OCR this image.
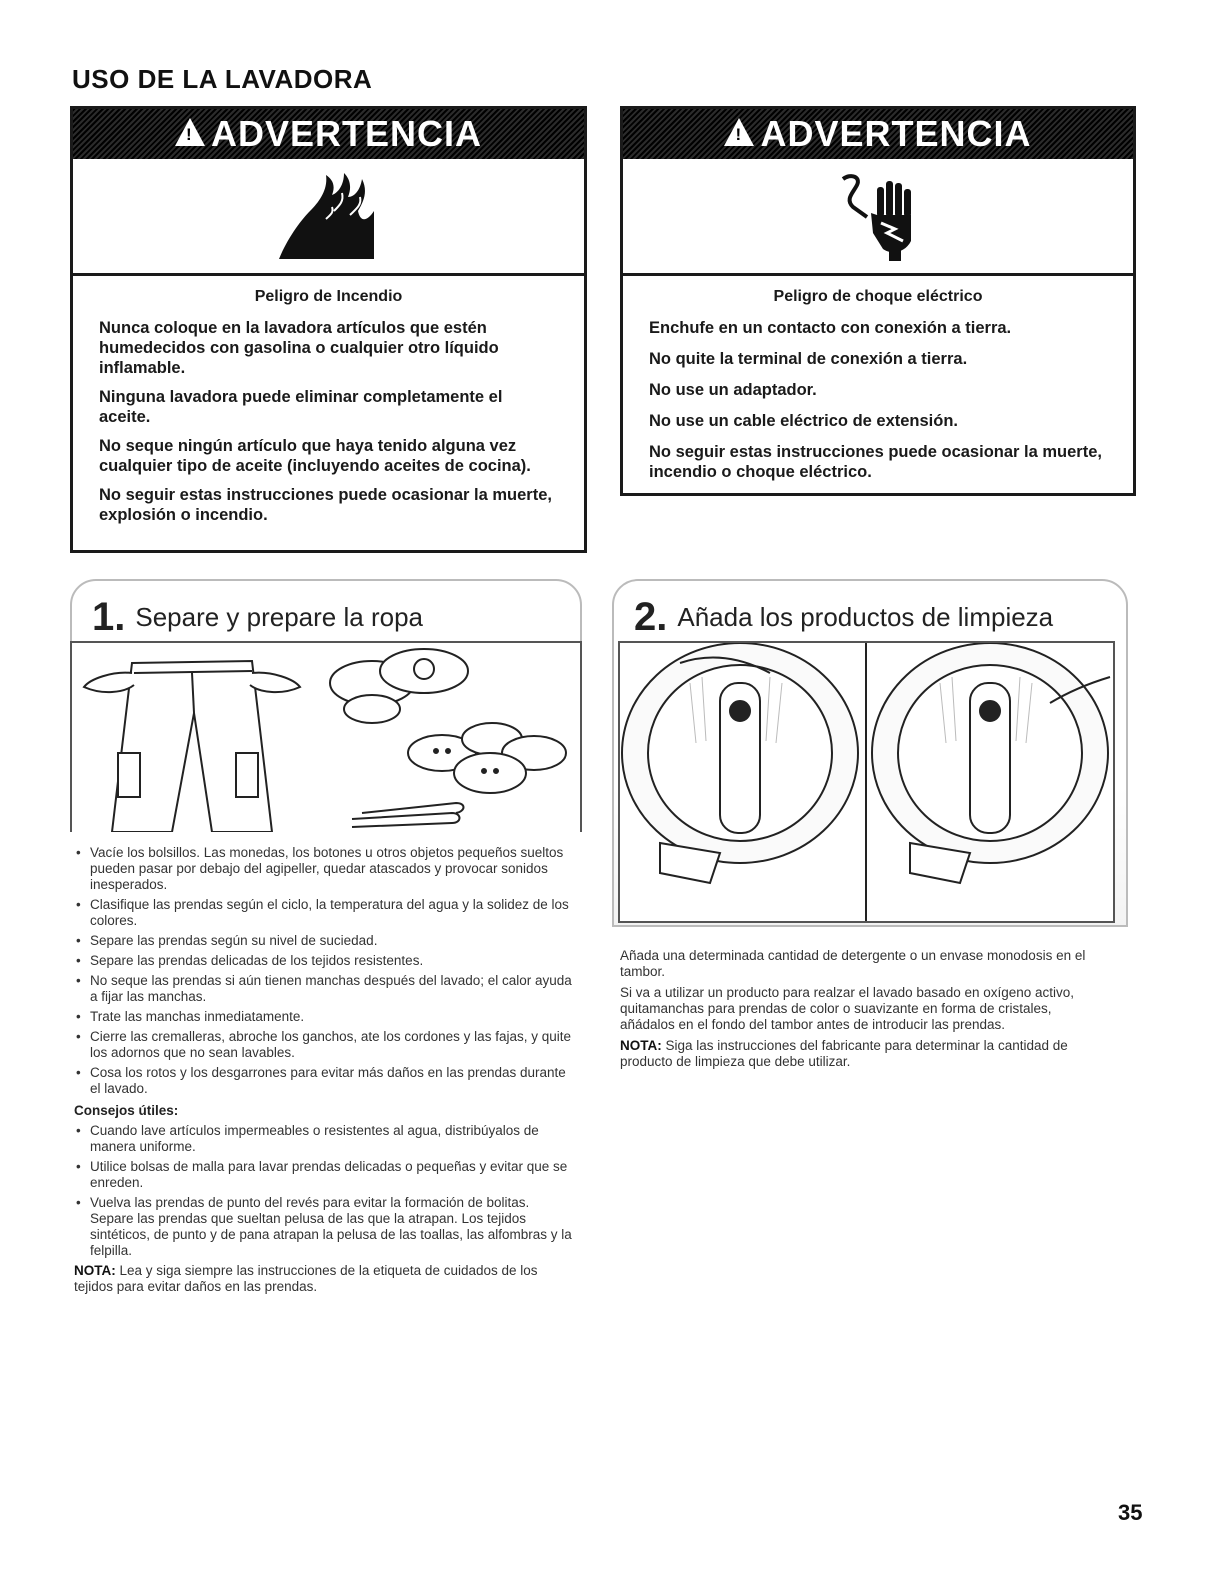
USO DE LA LAVADORA
! ADVERTENCIA
Peligro de Incendio

Nunca coloque en la lavadora artículos que estén humedecidos con gasolina o cualquier otro líquido inflamable.

Ninguna lavadora puede eliminar completamente el aceite.

No seque ningún artículo que haya tenido alguna vez cualquier tipo de aceite (incluyendo aceites de cocina).

No seguir estas instrucciones puede ocasionar la muerte, explosión o incendio.

! ADVERTENCIA
Peligro de choque eléctrico

Enchufe en un contacto con conexión a tierra.

No quite la terminal de conexión a tierra.

No use un adaptador.

No use un cable eléctrico de extensión.

No seguir estas instrucciones puede ocasionar la muerte, incendio o choque eléctrico.

1. Separe y prepare la ropa	2. Añada los productos de limpieza
• Vacíe los bolsillos. Las monedas, los botones u otros objetos pequeños sueltos pueden pasar por debajo del agipeller, quedar atascados y provocar sonidos inesperados.
• Clasifique las prendas según el ciclo, la temperatura del agua y la solidez de los colores.
• Separe las prendas según su nivel de suciedad.
• Separe las prendas delicadas de los tejidos resistentes.
• No seque las prendas si aún tienen manchas después del lavado; el calor ayuda a fijar las manchas.
• Trate las manchas inmediatamente.
• Cierre las cremalleras, abroche los ganchos, ate los cordones y las fajas, y quite los adornos que no sean lavables.
• Cosa los rotos y los desgarrones para evitar más daños en las prendas durante el lavado.
Consejos útiles:
• Cuando lave artículos impermeables o resistentes al agua, distribúyalos de manera uniforme.
• Utilice bolsas de malla para lavar prendas delicadas o pequeñas y evitar que se enreden.
• Vuelva las prendas de punto del revés para evitar la formación de bolitas. Separe las prendas que sueltan pelusa de las que la atrapan. Los tejidos sintéticos, de punto y de pana atrapan la pelusa de las toallas, las alfombras y la felpilla.
NOTA: Lea y siga siempre las instrucciones de la etiqueta de cuidados de los tejidos para evitar daños en las prendas.

Añada una determinada cantidad de detergente o un envase monodosis en el tambor.

Si va a utilizar un producto para realzar el lavado basado en oxígeno activo, quitamanchas para prendas de color o suavizante en forma de cristales, añádalos en el fondo del tambor antes de introducir las prendas.

NOTA: Siga las instrucciones del fabricante para determinar la cantidad de producto de limpieza que debe utilizar.

35
